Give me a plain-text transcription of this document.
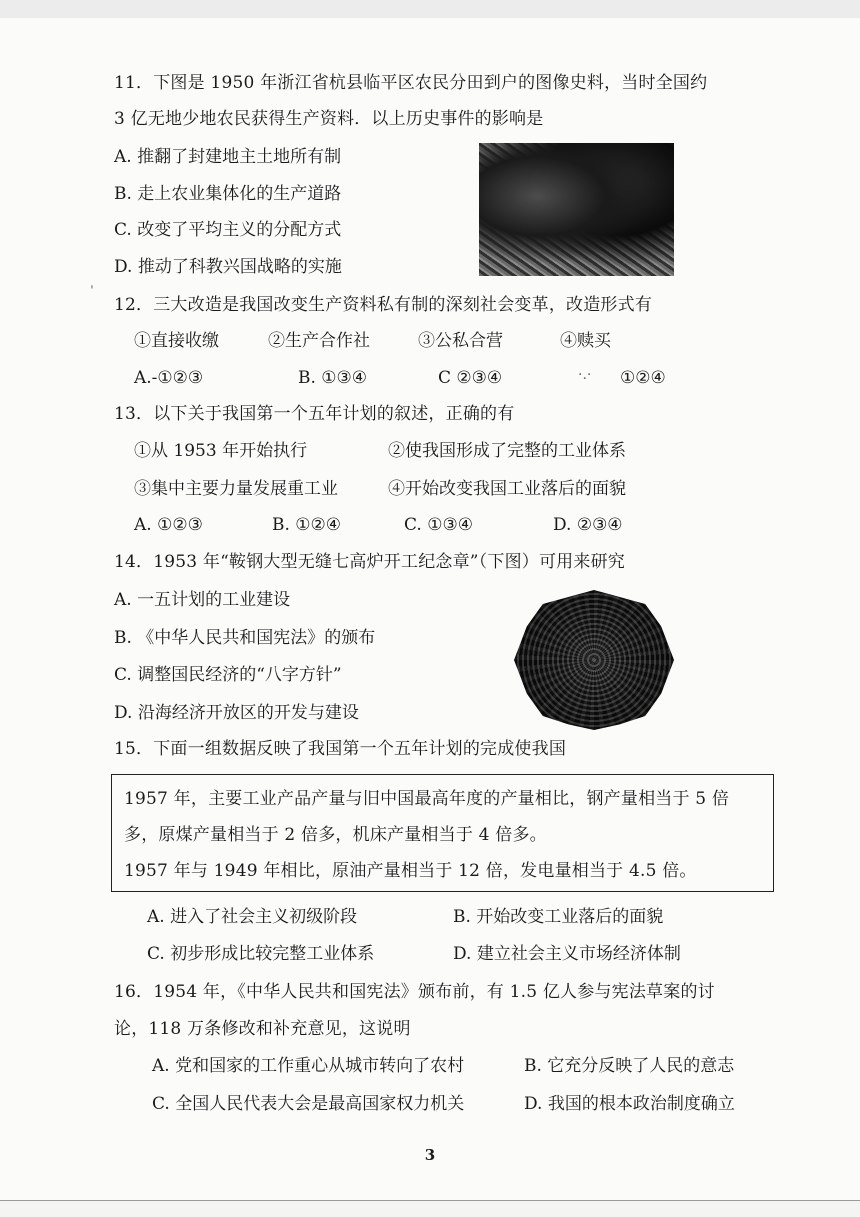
11．下图是 1950 年浙江省杭县临平区农民分田到户的图像史料，当时全国约
3 亿无地少地农民获得生产资料．以上历史事件的影响是
A. 推翻了封建地主土地所有制
B. 走上农业集体化的生产道路
C. 改变了平均主义的分配方式
D. 推动了科教兴国战略的实施
12．三大改造是我国改变生产资料私有制的深刻社会变革，改造形式有
①直接收缴	②生产合作社	③公私合营	④赎买
A.-①②③	B. ①③④	C ②③④	①②④
·.·
ˈ
13．以下关于我国第一个五年计划的叙述，正确的有
①从 1953 年开始执行	②使我国形成了完整的工业体系
③集中主要力量发展重工业	④开始改变我国工业落后的面貌
A. ①②③	B. ①②④	C. ①③④	D. ②③④
14．1953 年“鞍钢大型无缝七高炉开工纪念章”（下图）可用来研究
A. 一五计划的工业建设
B. 《中华人民共和国宪法》的颁布
C. 调整国民经济的“八字方针”
D. 沿海经济开放区的开发与建设
15．下面一组数据反映了我国第一个五年计划的完成使我国
1957 年，主要工业产品产量与旧中国最高年度的产量相比，钢产量相当于 5 倍
多，原煤产量相当于 2 倍多，机床产量相当于 4 倍多。
1957 年与 1949 年相比，原油产量相当于 12 倍，发电量相当于 4.5 倍。
A. 进入了社会主义初级阶段	B. 开始改变工业落后的面貌
C. 初步形成比较完整工业体系	D. 建立社会主义市场经济体制
16．1954 年，《中华人民共和国宪法》颁布前，有 1.5 亿人参与宪法草案的讨
论，118 万条修改和补充意见，这说明
A. 党和国家的工作重心从城市转向了农村	B. 它充分反映了人民的意志
C. 全国人民代表大会是最高国家权力机关	D. 我国的根本政治制度确立
3
